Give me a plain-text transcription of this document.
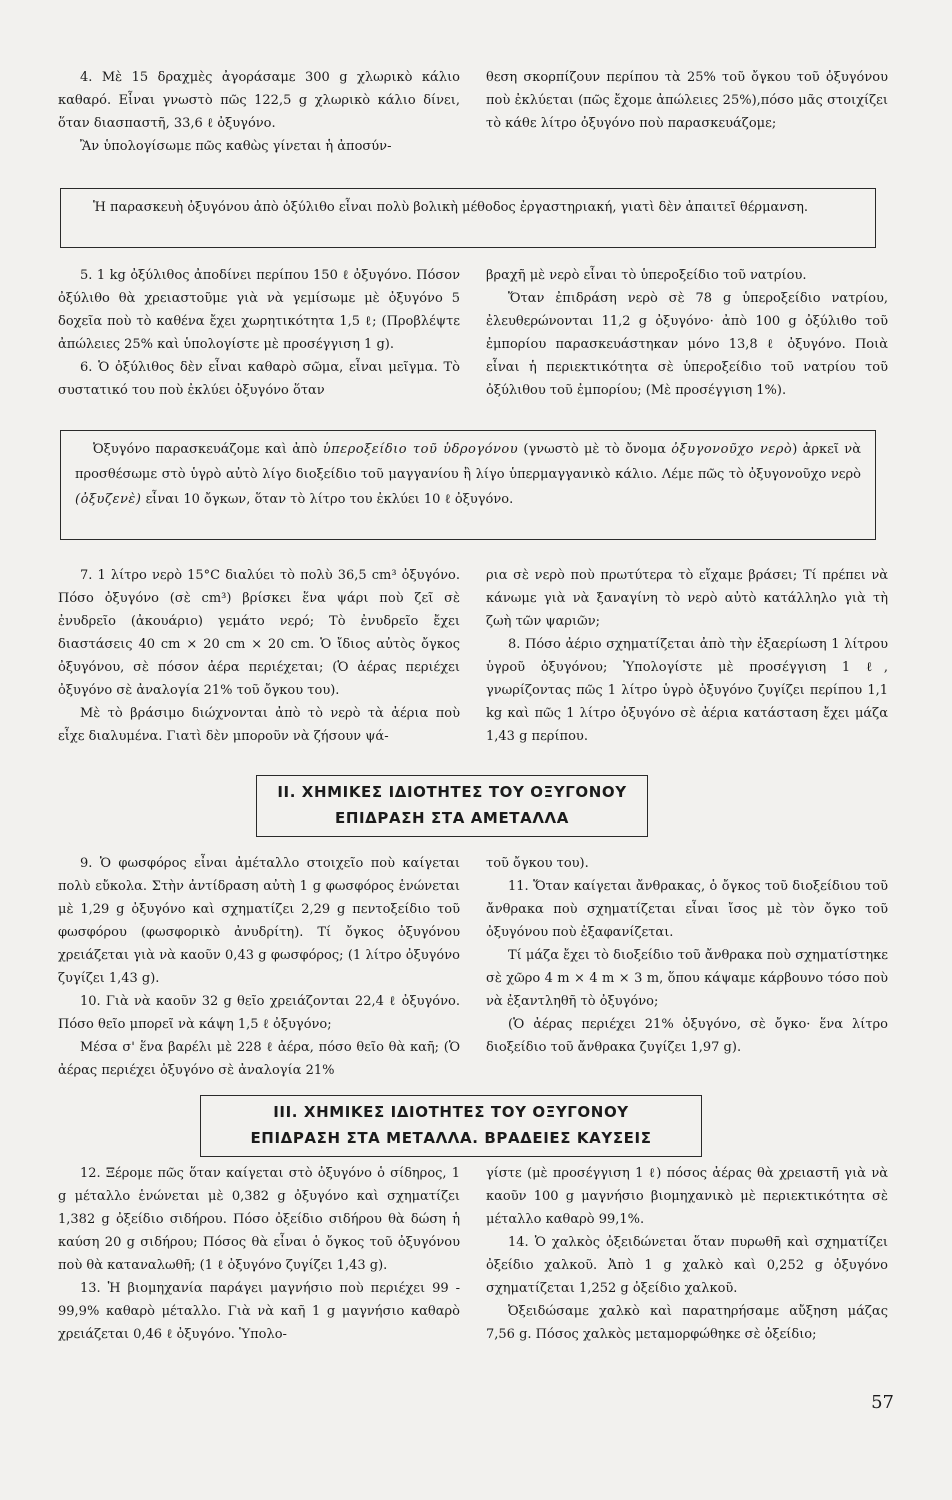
4. Μὲ 15 δραχμὲς ἀγοράσαμε 300 g χλωρικὸ κάλιο καθαρό. Εἶναι γνωστὸ πῶς 122,5 g χλωρικὸ κάλιο δίνει, ὅταν διασπαστῆ, 33,6 ℓ ὀξυγόνο.

Ἂν ὑπολογίσωμε πῶς καθὼς γίνεται ἡ ἀποσύν-

θεση σκορπίζουν περίπου τὰ 25% τοῦ ὄγκου τοῦ ὀξυγόνου ποὺ ἐκλύεται (πῶς ἔχομε ἀπώλειες 25%),πόσο μᾶς στοιχίζει τὸ κάθε λίτρο ὀξυγόνο ποὺ παρασκευάζομε;

Ἡ παρασκευὴ ὀξυγόνου ἀπὸ ὀξύλιθο εἶναι πολὺ βολικὴ μέθοδος ἐργαστηριακή, γιατὶ δὲν ἀπαιτεῖ θέρμανση.

5. 1 kg ὀξύλιθος ἀποδίνει περίπου 150 ℓ ὀξυγόνο. Πόσον ὀξύλιθο θὰ χρειαστοῦμε γιὰ νὰ γεμίσωμε μὲ ὀξυγόνο 5 δοχεῖα ποὺ τὸ καθένα ἔχει χωρητικότητα 1,5 ℓ; (Προβλέψτε ἀπώλειες 25% καὶ ὑπολογίστε μὲ προσέγγιση 1 g).

6. Ὁ ὀξύλιθος δὲν εἶναι καθαρὸ σῶμα, εἶναι μεῖγμα. Τὸ συστατικό του ποὺ ἐκλύει ὀξυγόνο ὅταν

βραχῆ μὲ νερὸ εἶναι τὸ ὑπεροξείδιο τοῦ νατρίου.

Ὅταν ἐπιδράση νερὸ σὲ 78 g ὑπεροξείδιο νατρίου, ἐλευθερώνονται 11,2 g ὀξυγόνο· ἀπὸ 100 g ὀξύλιθο τοῦ ἐμπορίου παρασκευάστηκαν μόνο 13,8 ℓ ὀξυγόνο. Ποιὰ εἶναι ἡ περιεκτικότητα σὲ ὑπεροξείδιο τοῦ νατρίου τοῦ ὀξύλιθου τοῦ ἐμπορίου; (Μὲ προσέγγιση 1%).

Ὀξυγόνο παρασκευάζομε καὶ ἀπὸ ὑπεροξείδιο τοῦ ὑδρογόνου (γνωστὸ μὲ τὸ ὄνομα ὀξυγονοῦχο νερὸ) ἀρκεῖ νὰ προσθέσωμε στὸ ὑγρὸ αὐτὸ λίγο διοξείδιο τοῦ μαγγανίου ἢ λίγο ὑπερμαγγανικὸ κάλιο. Λέμε πῶς τὸ ὀξυγονοῦχο νερὸ (ὀξυζενὲ) εἶναι 10 ὄγκων, ὅταν τὸ λίτρο του ἐκλύει 10 ℓ ὀξυγόνο.

7. 1 λίτρο νερὸ 15°C διαλύει τὸ πολὺ 36,5 cm³ ὀξυγόνο. Πόσο ὀξυγόνο (σὲ cm³) βρίσκει ἕνα ψάρι ποὺ ζεῖ σὲ ἐνυδρεῖο (ἀκουάριο) γεμάτο νερό; Τὸ ἐνυδρεῖο ἔχει διαστάσεις 40 cm × 20 cm × 20 cm. Ὁ ἴδιος αὐτὸς ὄγκος ὀξυγόνου, σὲ πόσον ἀέρα περιέχεται; (Ὁ ἀέρας περιέχει ὀξυγόνο σὲ ἀναλογία 21% τοῦ ὄγκου του).

Μὲ τὸ βράσιμο διώχνονται ἀπὸ τὸ νερὸ τὰ ἀέρια ποὺ εἶχε διαλυμένα. Γιατὶ δὲν μποροῦν νὰ ζήσουν ψά-

ρια σὲ νερὸ ποὺ πρωτύτερα τὸ εἴχαμε βράσει; Τί πρέπει νὰ κάνωμε γιὰ νὰ ξαναγίνη τὸ νερὸ αὐτὸ κατάλληλο γιὰ τὴ ζωὴ τῶν ψαριῶν;

8. Πόσο ἀέριο σχηματίζεται ἀπὸ τὴν ἐξαερίωση 1 λίτρου ὑγροῦ ὀξυγόνου; Ὑπολογίστε μὲ προσέγγιση 1 ℓ, γνωρίζοντας πῶς 1 λίτρο ὑγρὸ ὀξυγόνο ζυγίζει περίπου 1,1 kg καὶ πῶς 1 λίτρο ὀξυγόνο σὲ ἀέρια κατάσταση ἔχει μάζα 1,43 g περίπου.

II. ΧΗΜΙΚΕΣ ΙΔΙΟΤΗΤΕΣ ΤΟΥ ΟΞΥΓΟΝΟΥ
ΕΠΙΔΡΑΣΗ ΣΤΑ ΑΜΕΤΑΛΛΑ

9. Ὁ φωσφόρος εἶναι ἀμέταλλο στοιχεῖο ποὺ καίγεται πολὺ εὔκολα. Στὴν ἀντίδραση αὐτὴ 1 g φωσφόρος ἑνώνεται μὲ 1,29 g ὀξυγόνο καὶ σχηματίζει 2,29 g πεντοξείδιο τοῦ φωσφόρου (φωσφορικὸ ἀνυδρίτη). Τί ὄγκος ὀξυγόνου χρειάζεται γιὰ νὰ καοῦν 0,43 g φωσφόρος; (1 λίτρο ὀξυγόνο ζυγίζει 1,43 g).

10. Γιὰ νὰ καοῦν 32 g θεῖο χρειάζονται 22,4 ℓ ὀξυγόνο. Πόσο θεῖο μπορεῖ νὰ κάψη 1,5 ℓ ὀξυγόνο;

Μέσα σ' ἕνα βαρέλι μὲ 228 ℓ ἀέρα, πόσο θεῖο θὰ καῆ; (Ὁ ἀέρας περιέχει ὀξυγόνο σὲ ἀναλογία 21%

τοῦ ὄγκου του).

11. Ὅταν καίγεται ἄνθρακας, ὁ ὄγκος τοῦ διοξείδιου τοῦ ἄνθρακα ποὺ σχηματίζεται εἶναι ἴσος μὲ τὸν ὄγκο τοῦ ὀξυγόνου ποὺ ἐξαφανίζεται.

Τί μάζα ἔχει τὸ διοξείδιο τοῦ ἄνθρακα ποὺ σχηματίστηκε σὲ χῶρο 4 m × 4 m × 3 m, ὅπου κάψαμε κάρβουνο τόσο ποὺ νὰ ἐξαντληθῆ τὸ ὀξυγόνο;

(Ὁ ἀέρας περιέχει 21% ὀξυγόνο, σὲ ὄγκο· ἕνα λίτρο διοξείδιο τοῦ ἄνθρακα ζυγίζει 1,97 g).

III. ΧΗΜΙΚΕΣ ΙΔΙΟΤΗΤΕΣ ΤΟΥ ΟΞΥΓΟΝΟΥ
ΕΠΙΔΡΑΣΗ ΣΤΑ ΜΕΤΑΛΛΑ. ΒΡΑΔΕΙΕΣ ΚΑΥΣΕΙΣ

12. Ξέρομε πῶς ὅταν καίγεται στὸ ὀξυγόνο ὁ σίδηρος, 1 g μέταλλο ἑνώνεται μὲ 0,382 g ὀξυγόνο καὶ σχηματίζει 1,382 g ὀξείδιο σιδήρου. Πόσο ὀξείδιο σιδήρου θὰ δώση ἡ καύση 20 g σιδήρου; Πόσος θὰ εἶναι ὁ ὄγκος τοῦ ὀξυγόνου ποὺ θὰ καταναλωθῆ; (1 ℓ ὀξυγόνο ζυγίζει 1,43 g).

13. Ἡ βιομηχανία παράγει μαγνήσιο ποὺ περιέχει 99 - 99,9% καθαρὸ μέταλλο. Γιὰ νὰ καῆ 1 g μαγνήσιο καθαρὸ χρειάζεται 0,46 ℓ ὀξυγόνο. Ὑπολο-

γίστε (μὲ προσέγγιση 1 ℓ) πόσος ἀέρας θὰ χρειαστῆ γιὰ νὰ καοῦν 100 g μαγνήσιο βιομηχανικὸ μὲ περιεκτικότητα σὲ μέταλλο καθαρὸ 99,1%.

14. Ὁ χαλκὸς ὀξειδώνεται ὅταν πυρωθῆ καὶ σχηματίζει ὀξείδιο χαλκοῦ. Ἀπὸ 1 g χαλκὸ καὶ 0,252 g ὀξυγόνο σχηματίζεται 1,252 g ὀξείδιο χαλκοῦ.

Ὀξειδώσαμε χαλκὸ καὶ παρατηρήσαμε αὔξηση μάζας 7,56 g. Πόσος χαλκὸς μεταμορφώθηκε σὲ ὀξείδιο;

57
